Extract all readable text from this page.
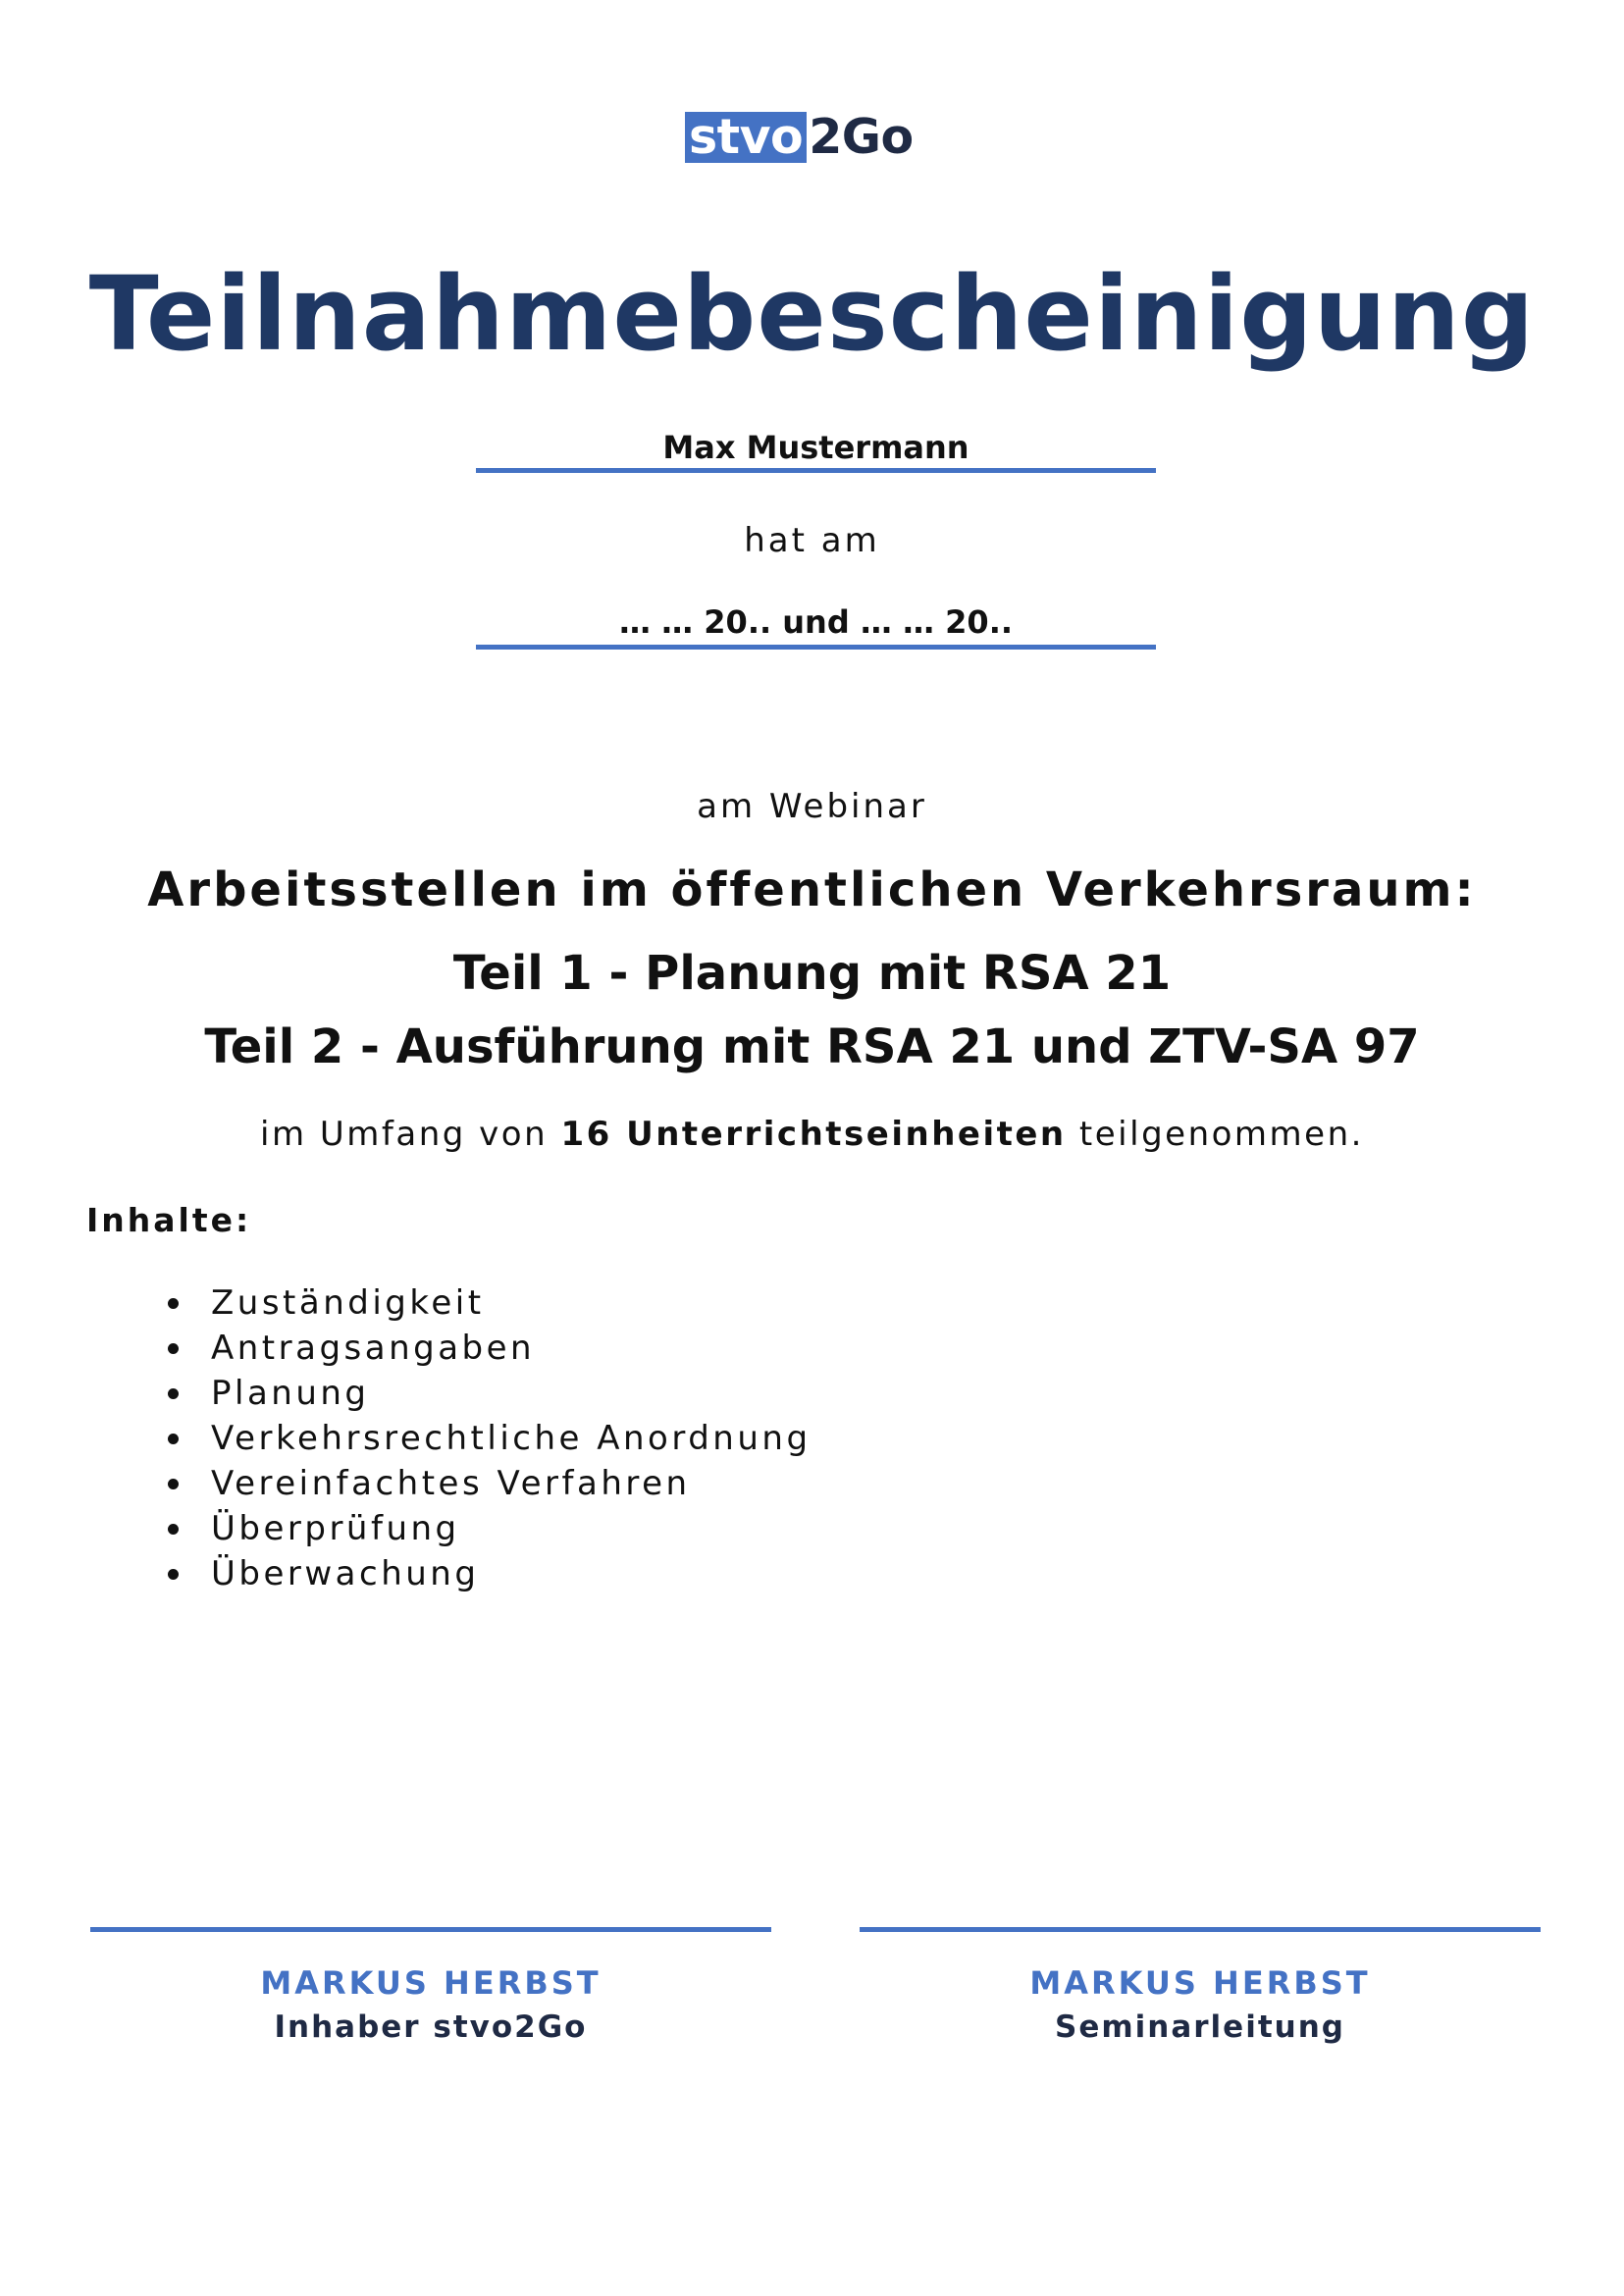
stvo 2Go
Teilnahmebescheinigung
Max Mustermann
hat am
… … 20.. und … … 20..
am Webinar
Arbeitsstellen im öffentlichen Verkehrsraum:
Teil 1 - Planung mit RSA 21
Teil 2 - Ausführung mit RSA 21 und ZTV-SA 97
im Umfang von 16 Unterrichtseinheiten teilgenommen.
Inhalte:
Zuständigkeit
Antragsangaben
Planung
Verkehrsrechtliche Anordnung
Vereinfachtes Verfahren
Überprüfung
Überwachung
MARKUS HERBST
Inhaber stvo2Go
MARKUS HERBST
Seminarleitung
